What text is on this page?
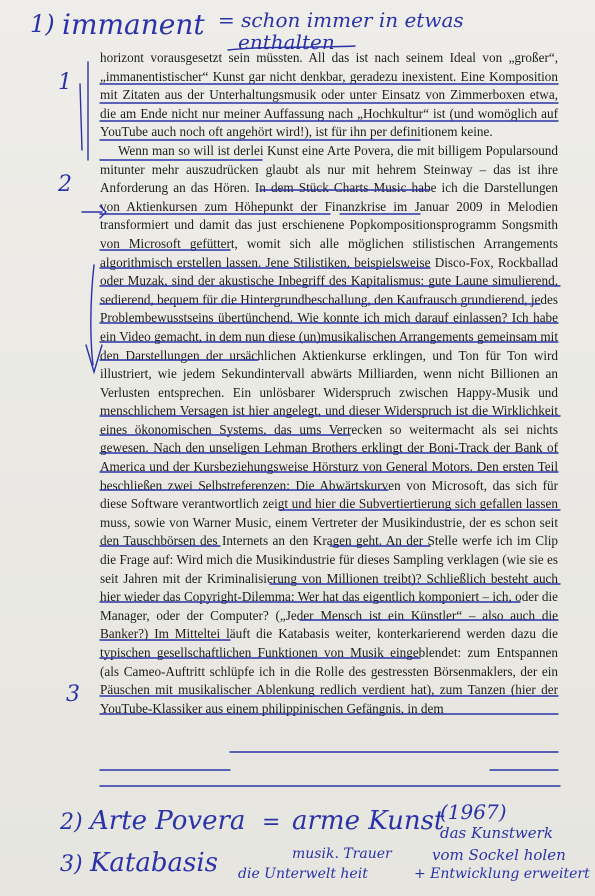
1) immanent = schon immer in etwas
enthalten
1
2
3

horizont vorausgesetzt sein müssten. All das ist nach seinem Ideal von „großer“, „immanentistischer“ Kunst gar nicht denkbar, geradezu inexistent. Eine Komposition mit Zitaten aus der Unterhaltungsmusik oder unter Einsatz von Zimmerboxen etwa, die am Ende nicht nur meiner Auffassung nach „Hochkultur“ ist (und womöglich auf YouTube auch noch oft angehört wird!), ist für ihn per definitionem keine.

Wenn man so will ist derlei Kunst eine Arte Povera, die mit billigem Popularsound mitunter mehr auszudrücken glaubt als nur mit hehrem Steinway – das ist ihre Anforderung an das Hören. In dem Stück Charts Music habe ich die Darstellungen von Aktienkursen zum Höhepunkt der Finanzkrise im Januar 2009 in Melodien transformiert und damit das just erschienene Popkompositionsprogramm Songsmith von Microsoft gefüttert, womit sich alle möglichen stilistischen Arrangements algorithmisch erstellen lassen. Jene Stilistiken, beispielsweise Disco-Fox, Rockballad oder Muzak, sind der akustische Inbegriff des Kapitalismus: gute Laune simulierend, sedierend, bequem für die Hintergrundbeschallung, den Kaufrausch grundierend, jedes Problembewusstseins übertünchend. Wie konnte ich mich darauf einlassen? Ich habe ein Video gemacht, in dem nun diese (un)musikalischen Arrangements gemeinsam mit den Darstellungen der ursächlichen Aktienkurse erklingen, und Ton für Ton wird illustriert, wie jedem Sekundintervall abwärts Milliarden, wenn nicht Billionen an Verlusten entsprechen. Ein unlösbarer Widerspruch zwischen Happy-Musik und menschlichem Versagen ist hier angelegt, und dieser Widerspruch ist die Wirklichkeit eines ökonomischen Systems, das ums Verrecken so weitermacht als sei nichts gewesen. Nach den unseligen Lehman Brothers erklingt der Boni-Track der Bank of America und der Kursbeziehungsweise Hörsturz von General Motors. Den ersten Teil beschließen zwei Selbstreferenzen: Die Abwärtskurven von Microsoft, das sich für diese Software verantwortlich zeigt und hier die Subvertiertierung sich gefallen lassen muss, sowie von Warner Music, einem Vertreter der Musikindustrie, der es schon seit den Tauschbörsen des Internets an den Kragen geht. An der Stelle werfe ich im Clip die Frage auf: Wird mich die Musikindustrie für dieses Sampling verklagen (wie sie es seit Jahren mit der Kriminalisierung von Millionen treibt)? Schließlich besteht auch hier wieder das Copyright-Dilemma: Wer hat das eigentlich komponiert – ich, oder die Manager, oder der Computer? („Jeder Mensch ist ein Künstler“ – also auch die Banker?) Im Mitteltei läuft die Katabasis weiter, konterkarierend werden dazu die typischen gesellschaftlichen Funktionen von Musik eingeblendet: zum Entspannen (als Cameo-Auftritt schlüpfe ich in die Rolle des gestressten Börsenmaklers, der ein Päuschen mit musikalischer Ablenkung redlich verdient hat), zum Tanzen (hier der YouTube-Klassiker aus einem philippinischen Gefängnis, in dem

2) Arte Povera = arme Kunst
(1967)
das Kunstwerk
vom Sockel holen
+ Entwicklung erweitert
3) Katabasis	musik. Trauer
die Unterwelt heit
